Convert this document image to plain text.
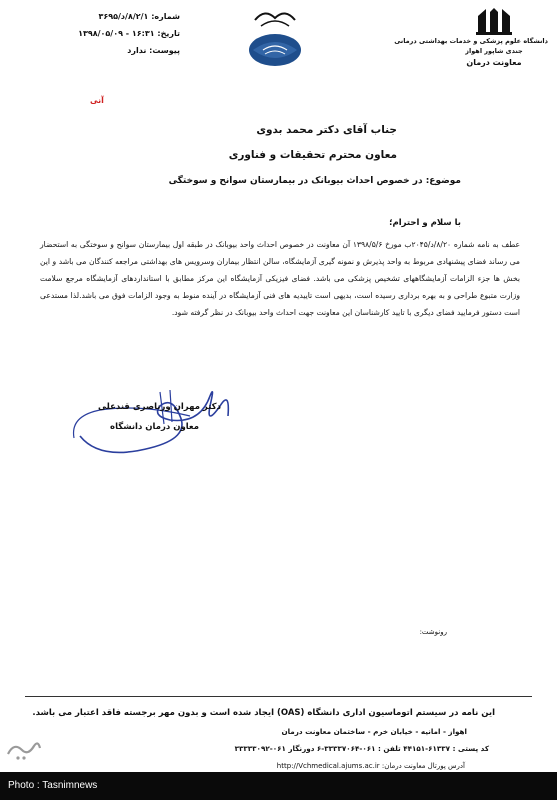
دانشگاه علوم پزشکی و خدمات بهداشتی درمانی
جندی شاپور اهواز
معاونت درمان
شماره: ۸/۲/۱/د/۳۶۹۵
تاریخ: ۱۶:۳۱ - ۱۳۹۸/۰۵/۰۹
پیوست: ندارد
آنی
جناب آقای دکتر محمد بدوی
معاون محترم تحقیقات و فناوری
موضوع: در خصوص احداث بیوبانک در بیمارستان سوانح و سوختگی
با سلام و احترام؛
عطف به نامه شماره ۸/۲۰/د/۲۰۴۵ب مورخ ۱۳۹۸/۵/۶ آن معاونت در خصوص احداث واحد بیوبانک در طبقه اول بیمارستان سوانح و سوختگی به استحضار می رساند فضای پیشنهادی مربوط به واحد پذیرش و نمونه گیری آزمایشگاه، سالن انتظار بیماران وسرویس های بهداشتی مراجعه کنندگان می باشد و این بخش ها جزء الزامات آزمایشگاههای تشخیص پزشکی می باشد. فضای فیزیکی آزمایشگاه این مرکز مطابق با استانداردهای آزمایشگاه مرجع سلامت وزارت متبوع طراحی و به بهره برداری رسیده است، بدیهی است تاییدیه های فنی آزمایشگاه در آینده منوط به وجود الزامات فوق می باشد.لذا مستدعی است دستور فرمایید فضای دیگری با تایید کارشناسان این معاونت جهت احداث واحد بیوبانک در نظر گرفته شود.
دکتر مهران ورناصری قندعلی
معاون درمان دانشگاه
رونوشت:
این نامه در سیستم اتوماسیون اداری دانشگاه (OAS) ایجاد شده است و بدون مهر برجسته فاقد اعتبار می باشد.
اهواز - امانیه - خیابان خرم - ساختمان معاونت درمان
کد پستی : ۶۱۳۳۷-۴۴۱۵۱ تلفن : ۰۶۱-۳۳۳۳۷۰۶۴-۶ دورنگار ۰۶۱-۳۳۳۳۳۰۹۲
آدرس پورتال معاونت درمان: http://Vchmedical.ajums.ac.ir
Photo : Tasnimnews
